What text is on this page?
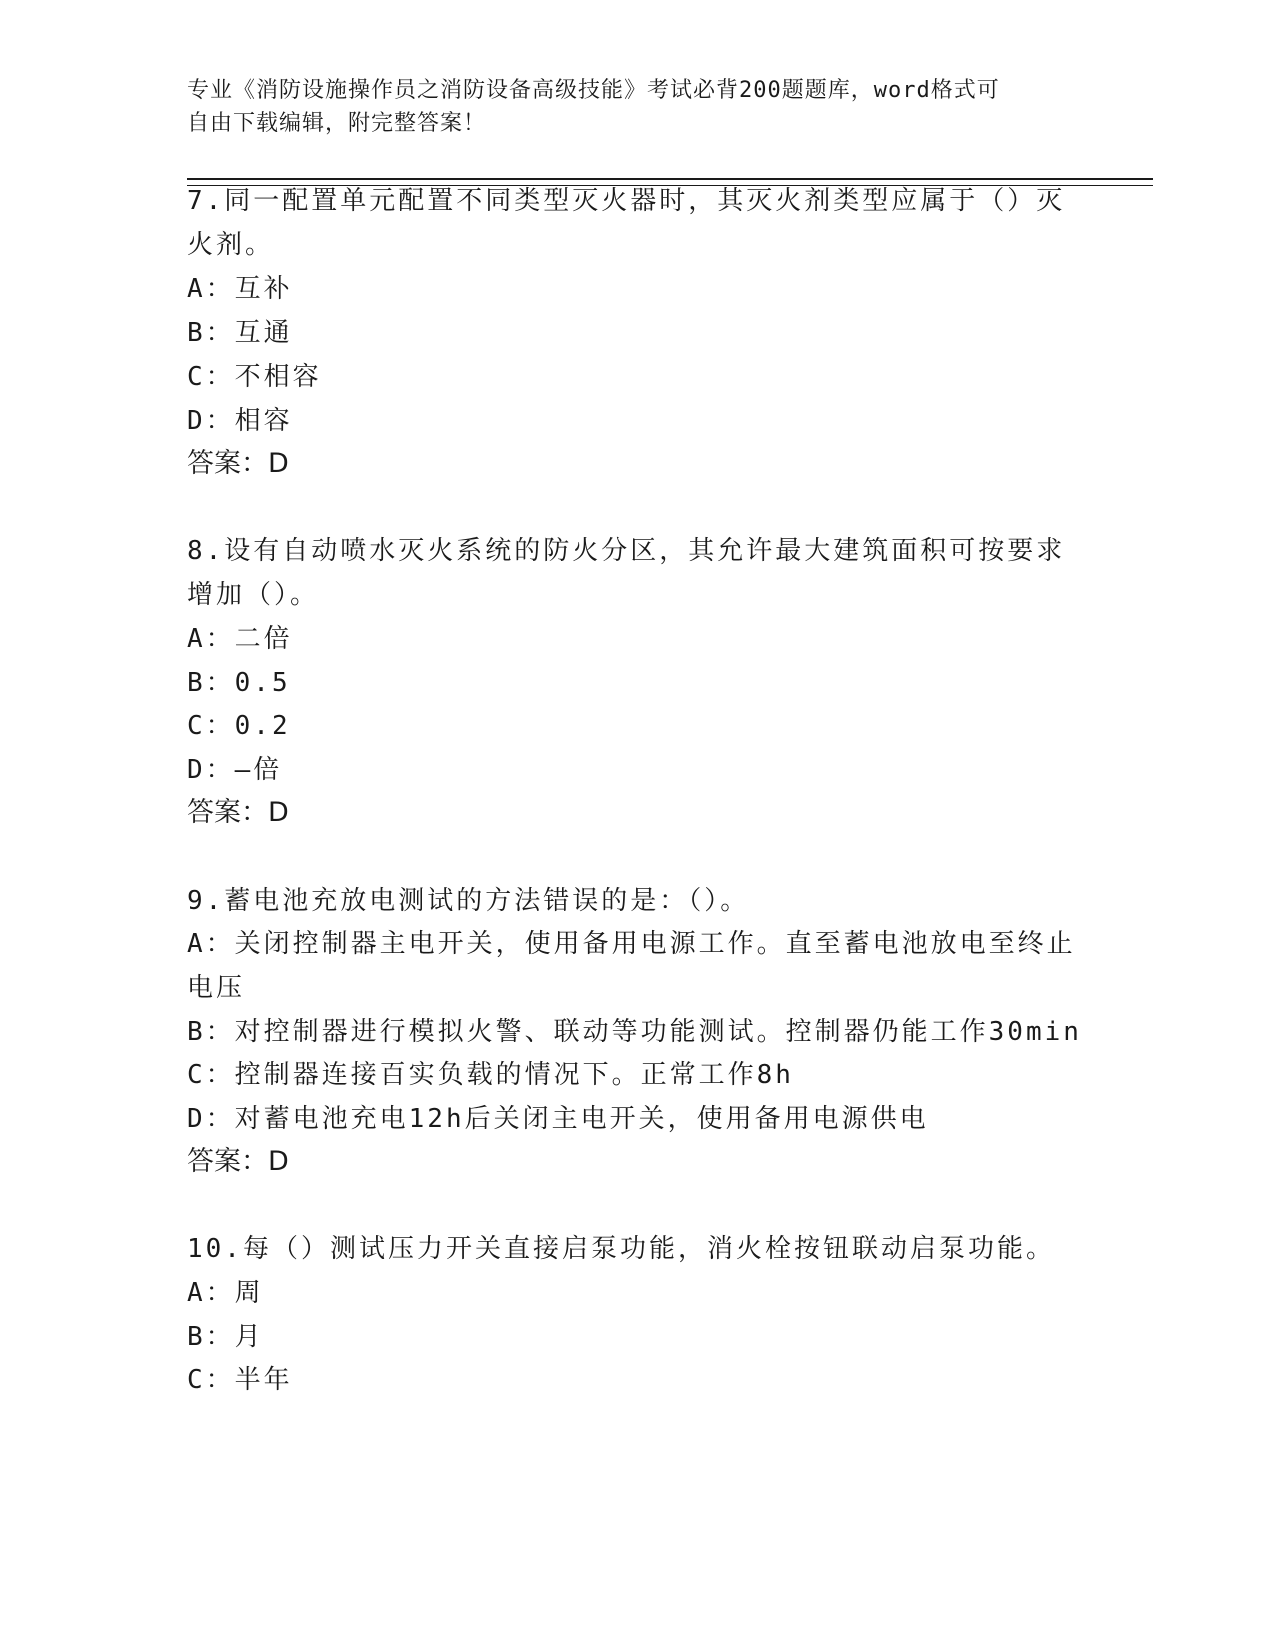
专业《消防设施操作员之消防设备高级技能》考试必背200题题库，word格式可
自由下载编辑，附完整答案！
7.同一配置单元配置不同类型灭火器时，其灭火剂类型应属于（）灭
火剂。
A：互补
B：互通
C：不相容
D：相容
答案：D
8.设有自动喷水灭火系统的防火分区，其允许最大建筑面积可按要求
增加（）。
A：二倍
B：0.5
C：0.2
D：—倍
答案：D
9.蓄电池充放电测试的方法错误的是：（）。
A：关闭控制器主电开关，使用备用电源工作。直至蓄电池放电至终止
电压
B：对控制器进行模拟火警、联动等功能测试。控制器仍能工作30min
C：控制器连接百实负载的情况下。正常工作8h
D：对蓄电池充电12h后关闭主电开关，使用备用电源供电
答案：D
10.每（）测试压力开关直接启泵功能，消火栓按钮联动启泵功能。
A：周
B：月
C：半年
